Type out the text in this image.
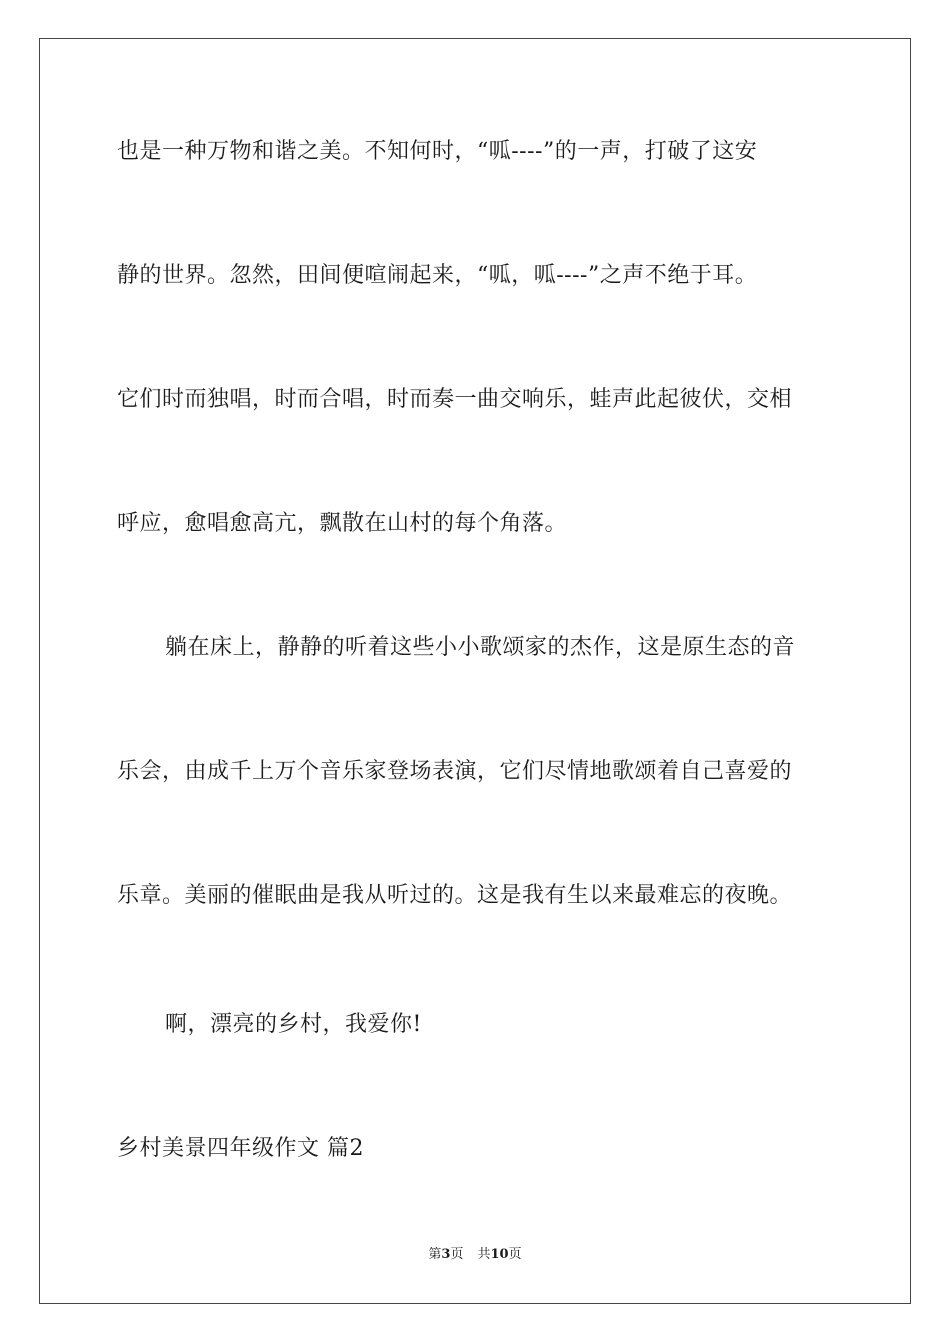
也是一种万物和谐之美。不知何时，“呱----”的一声，打破了这安
静的世界。忽然，田间便喧闹起来，“呱，呱----”之声不绝于耳。
它们时而独唱，时而合唱，时而奏一曲交响乐，蛙声此起彼伏，交相
呼应，愈唱愈高亢，飘散在山村的每个角落。
躺在床上，静静的听着这些小小歌颂家的杰作，这是原生态的音
乐会，由成千上万个音乐家登场表演，它们尽情地歌颂着自己喜爱的
乐章。美丽的催眠曲是我从听过的。这是我有生以来最难忘的夜晚。
啊，漂亮的乡村，我爱你!
乡村美景四年级作文 篇2
第3页 共10页
